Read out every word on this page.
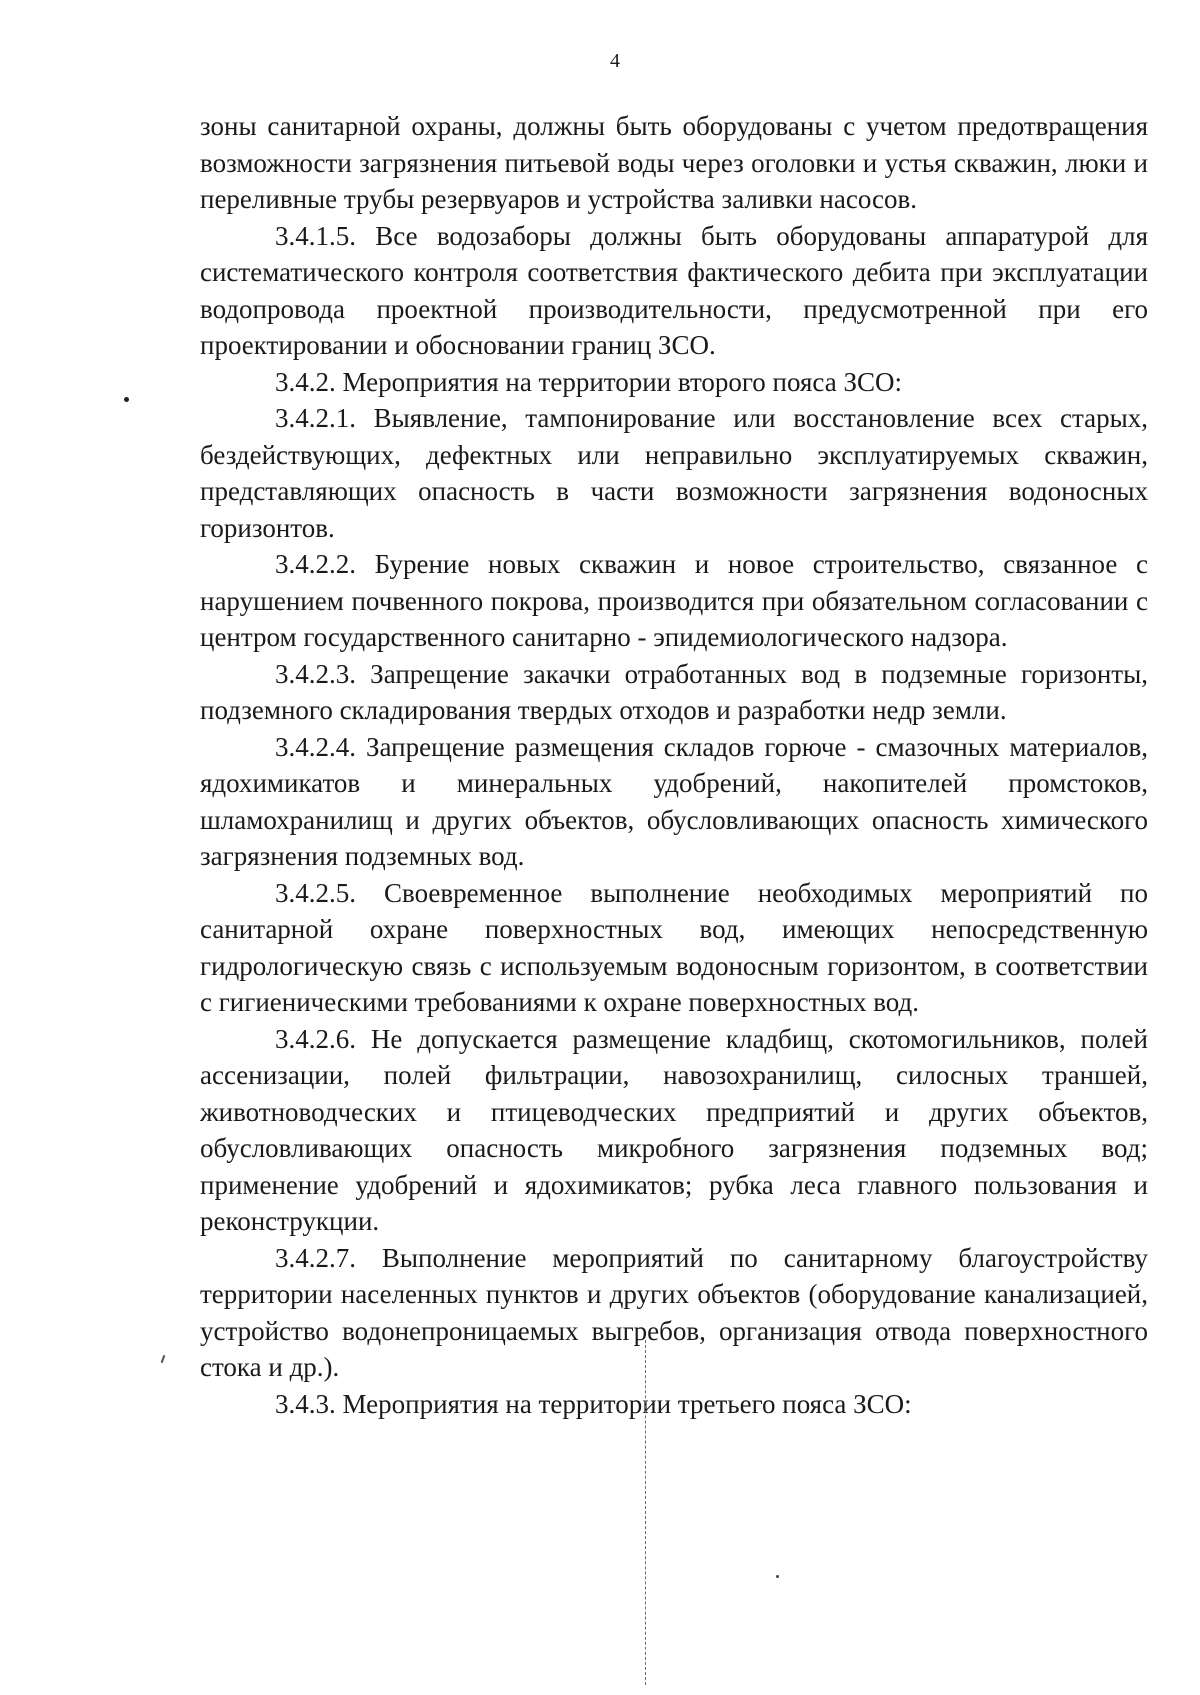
4

зоны санитарной охраны, должны быть оборудованы с учетом предотвращения возможности загрязнения питьевой воды через оголовки и устья скважин, люки и переливные трубы резервуаров и устройства заливки насосов.

3.4.1.5. Все водозаборы должны быть оборудованы аппаратурой для систематического контроля соответствия фактического дебита при эксплуатации водопровода проектной производительности, предусмотренной при его проектировании и обосновании границ ЗСО.

3.4.2. Мероприятия на территории второго пояса ЗСО:

3.4.2.1. Выявление, тампонирование или восстановление всех старых, бездействующих, дефектных или неправильно эксплуатируемых скважин, представляющих опасность в части возможности загрязнения водоносных горизонтов.

3.4.2.2. Бурение новых скважин и новое строительство, связанное с нарушением почвенного покрова, производится при обязательном согласовании с центром государственного санитарно - эпидемиологического надзора.

3.4.2.3. Запрещение закачки отработанных вод в подземные горизонты, подземного складирования твердых отходов и разработки недр земли.

3.4.2.4. Запрещение размещения складов горюче - смазочных материалов, ядохимикатов и минеральных удобрений, накопителей промстоков, шламохранилищ и других объектов, обусловливающих опасность химического загрязнения подземных вод.

3.4.2.5. Своевременное выполнение необходимых мероприятий по санитарной охране поверхностных вод, имеющих непосредственную гидрологическую связь с используемым водоносным горизонтом, в соответствии с гигиеническими требованиями к охране поверхностных вод.

3.4.2.6. Не допускается размещение кладбищ, скотомогильников, полей ассенизации, полей фильтрации, навозохранилищ, силосных траншей, животноводческих и птицеводческих предприятий и других объектов, обусловливающих опасность микробного загрязнения подземных вод; применение удобрений и ядохимикатов; рубка леса главного пользования и реконструкции.

3.4.2.7. Выполнение мероприятий по санитарному благоустройству территории населенных пунктов и других объектов (оборудование канализацией, устройство водонепроницаемых выгребов, организация отвода поверхностного стока и др.).

3.4.3. Мероприятия на территории третьего пояса ЗСО:
